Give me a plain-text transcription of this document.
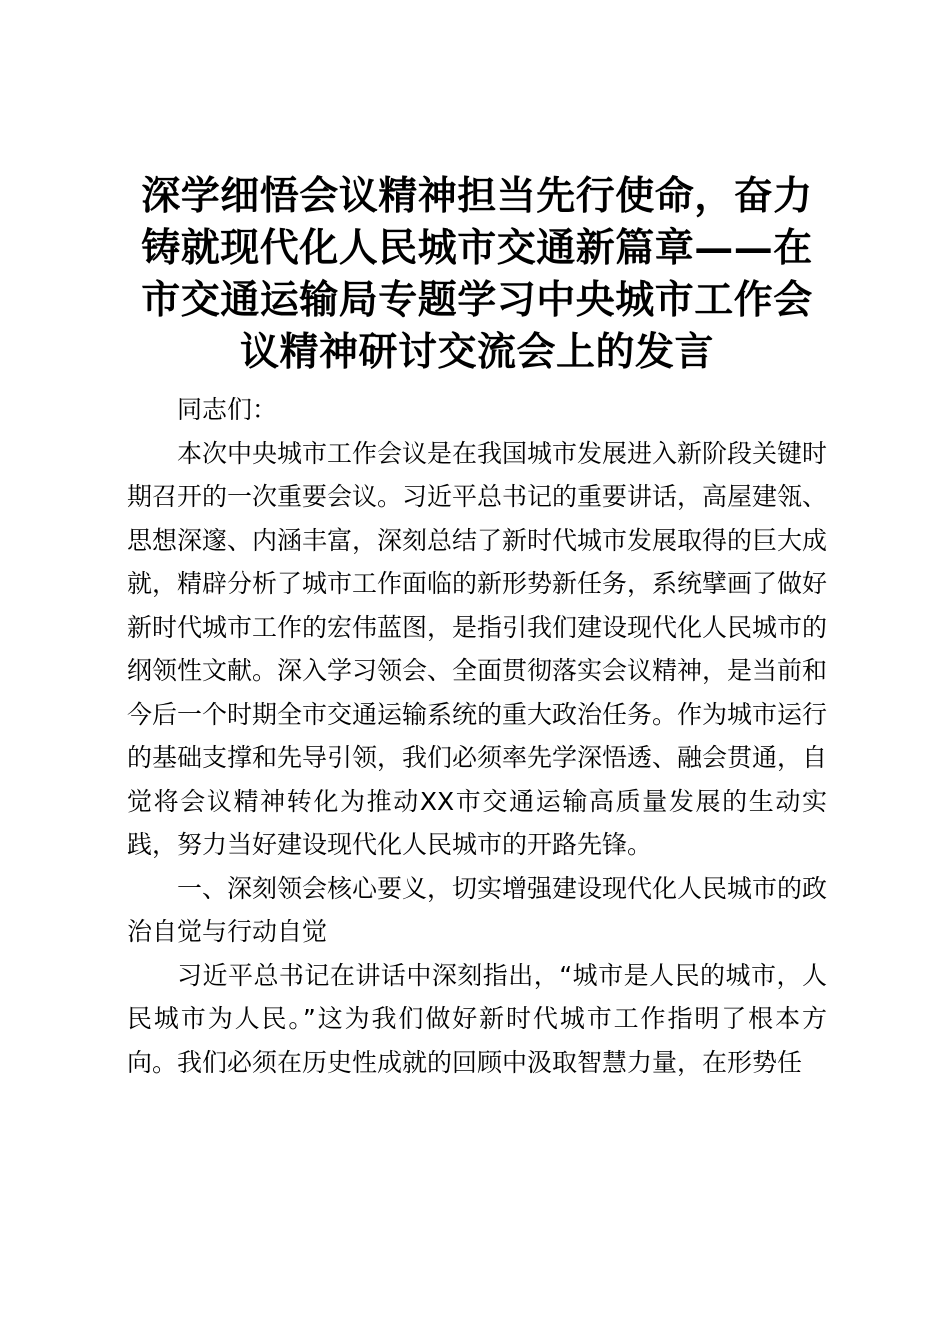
深学细悟会议精神担当先行使命，奋力铸就现代化人民城市交通新篇章——在市交通运输局专题学习中央城市工作会议精神研讨交流会上的发言

同志们：

本次中央城市工作会议是在我国城市发展进入新阶段关键时期召开的一次重要会议。习近平总书记的重要讲话，高屋建瓴、思想深邃、内涵丰富，深刻总结了新时代城市发展取得的巨大成就，精辟分析了城市工作面临的新形势新任务，系统擘画了做好新时代城市工作的宏伟蓝图，是指引我们建设现代化人民城市的纲领性文献。深入学习领会、全面贯彻落实会议精神，是当前和今后一个时期全市交通运输系统的重大政治任务。作为城市运行的基础支撑和先导引领，我们必须率先学深悟透、融会贯通，自觉将会议精神转化为推动XX市交通运输高质量发展的生动实践，努力当好建设现代化人民城市的开路先锋。

一、深刻领会核心要义，切实增强建设现代化人民城市的政治自觉与行动自觉

习近平总书记在讲话中深刻指出，“城市是人民的城市，人民城市为人民。”这为我们做好新时代城市工作指明了根本方向。我们必须在历史性成就的回顾中汲取智慧力量，在形势任
